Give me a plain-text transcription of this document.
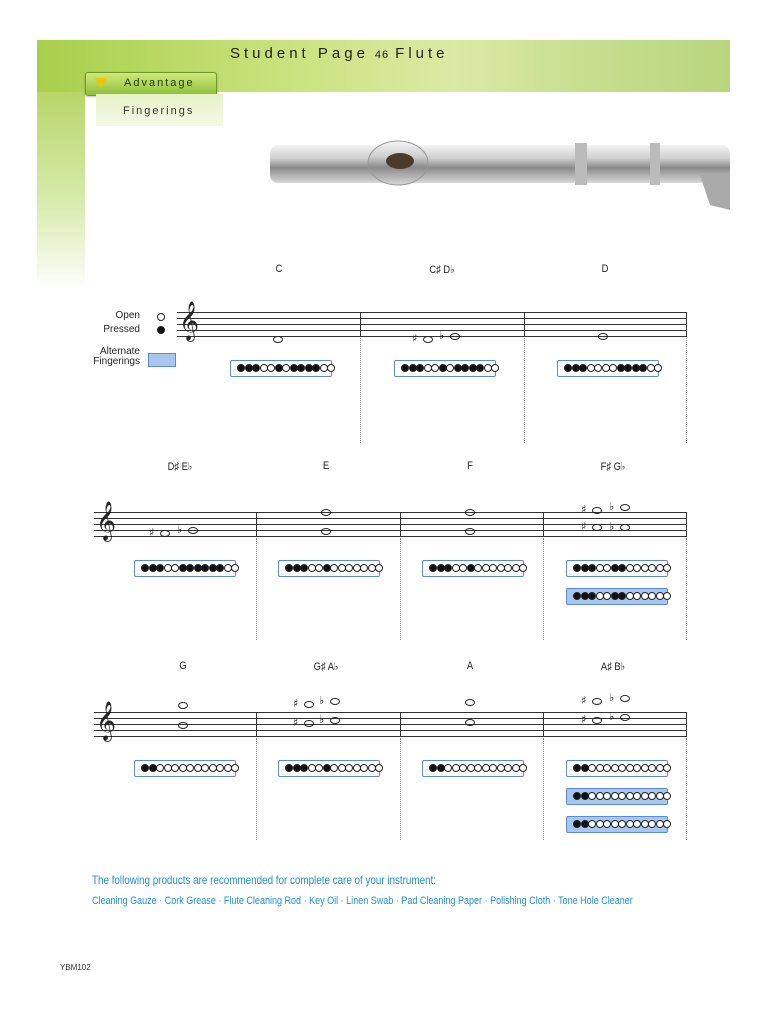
Student Page 46 Flute
Advantage
Fingerings
Open
Pressed
Alternate
Fingerings
C	C♯ D♭	D
D♯ E♭	E	F	F♯ G♭
G	G♯ A♭	A	A♯ B♭
𝄞	♯ ♭
𝄞	♯ ♭
♯ ♭
♯ ♭
𝄞	♯ ♭
♯ ♭
♯ ♭
♯ ♭
The following products are recommended for complete care of your instrument:
Cleaning Gauze · Cork Grease · Flute Cleaning Rod · Key Oil · Linen Swab · Pad Cleaning Paper · Polishing Cloth · Tone Hole Cleaner
YBM102
